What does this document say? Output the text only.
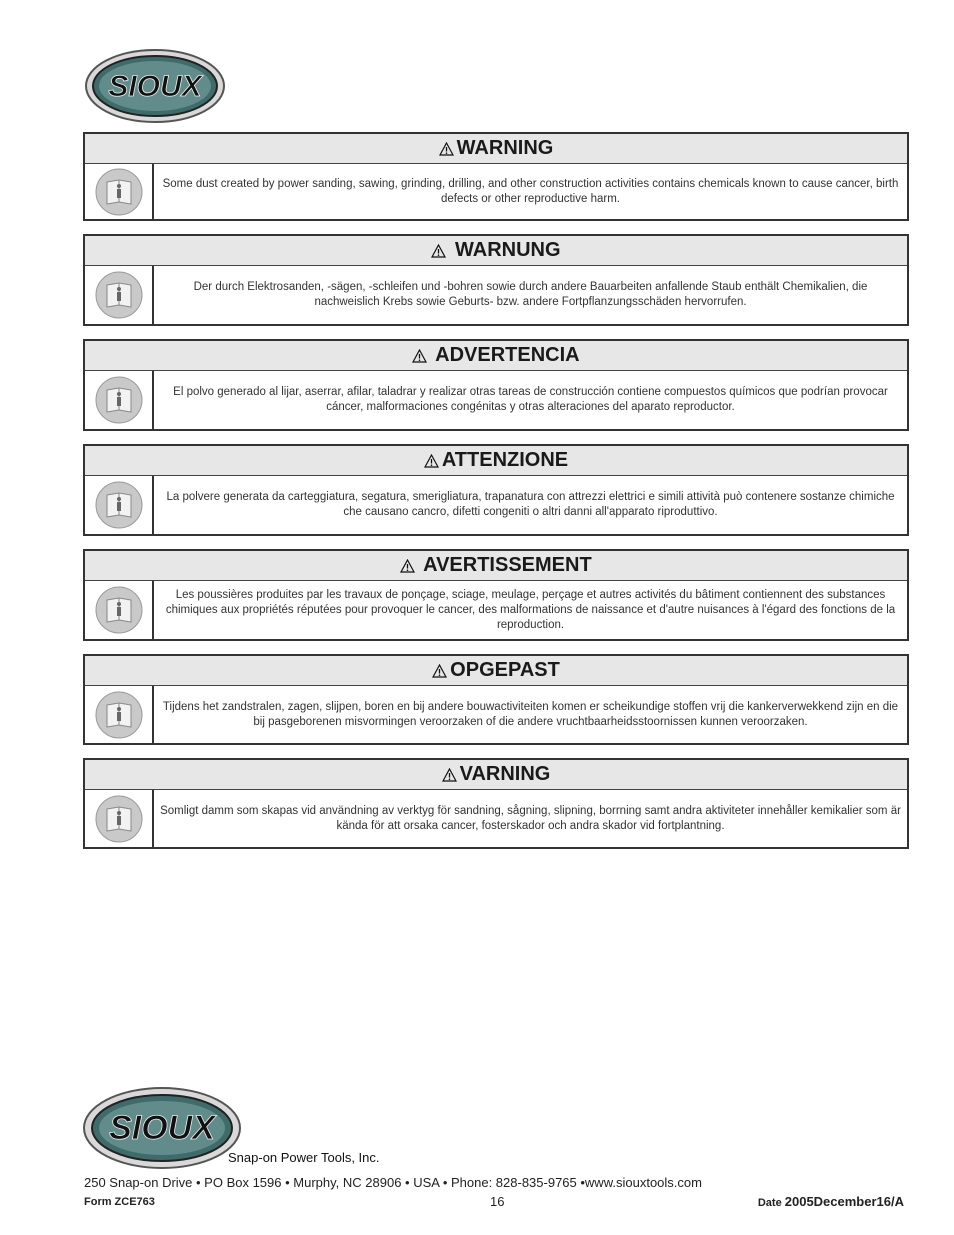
SIOUX
WARNING
Some dust created by power sanding, sawing, grinding, drilling, and other construction activities contains chemicals known to cause cancer, birth defects or other reproductive harm.
WARNUNG
Der durch Elektrosanden, -sägen, -schleifen und -bohren sowie durch andere Bauarbeiten anfallende Staub enthält Chemikalien, die nachweislich Krebs sowie Geburts- bzw. andere Fortpflanzungsschäden hervorrufen.
ADVERTENCIA
El polvo generado al lijar, aserrar, afilar, taladrar y realizar otras tareas de construcción contiene compuestos químicos que podrían provocar cáncer, malformaciones congénitas y otras alteraciones del aparato reproductor.
ATTENZIONE
La polvere generata da carteggiatura, segatura, smerigliatura, trapanatura con attrezzi elettrici e simili attività può contenere sostanze chimiche che causano cancro, difetti congeniti o altri danni all'apparato riproduttivo.
AVERTISSEMENT
Les poussières produites par les travaux de ponçage, sciage, meulage, perçage et autres activités du bâtiment contiennent des substances chimiques aux propriétés réputées pour provoquer le cancer, des malformations de naissance et d'autre nuisances à l'égard des fonctions de la reproduction.
OPGEPAST
Tijdens het zandstralen, zagen, slijpen, boren en bij andere bouwactiviteiten komen er scheikundige stoffen vrij die kankerverwekkend zijn en die bij pasgeborenen misvormingen veroorzaken of die andere vruchtbaarheidsstoornissen kunnen veroorzaken.
VARNING
Somligt damm som skapas vid användning av verktyg för sandning, sågning, slipning, borrning samt andra aktiviteter innehåller kemikalier som är kända för att orsaka cancer, fosterskador och andra skador vid fortplantning.
SIOUX
Snap-on Power Tools, Inc.
250 Snap-on Drive • PO Box 1596 • Murphy, NC 28906 • USA • Phone: 828-835-9765 •www.siouxtools.com
Form ZCE763	16	Date 2005December16/A
